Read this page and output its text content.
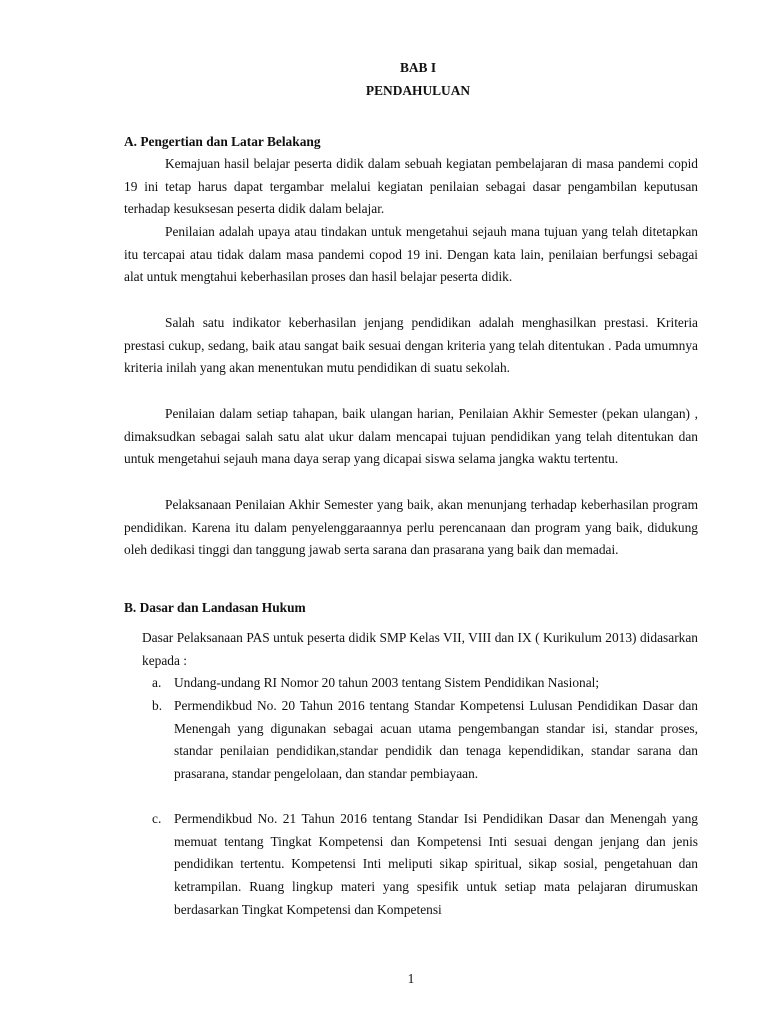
BAB I
PENDAHULUAN
A. Pengertian dan Latar Belakang

Kemajuan hasil belajar peserta didik dalam sebuah kegiatan pembelajaran di masa pandemi copid 19 ini tetap harus dapat tergambar melalui kegiatan penilaian sebagai dasar pengambilan keputusan terhadap kesuksesan peserta didik dalam belajar.

Penilaian adalah upaya atau tindakan untuk mengetahui sejauh mana tujuan yang telah ditetapkan itu tercapai atau tidak dalam masa pandemi copod 19 ini. Dengan kata lain, penilaian berfungsi sebagai alat untuk mengtahui keberhasilan proses dan hasil belajar peserta didik.

Salah satu indikator keberhasilan jenjang pendidikan adalah menghasilkan prestasi. Kriteria prestasi cukup, sedang, baik atau sangat baik sesuai dengan kriteria yang telah ditentukan . Pada umumnya kriteria inilah yang akan menentukan mutu pendidikan di suatu sekolah.

Penilaian dalam setiap tahapan, baik ulangan harian, Penilaian Akhir Semester (pekan ulangan) , dimaksudkan sebagai salah satu alat ukur dalam mencapai tujuan pendidikan yang telah ditentukan dan untuk mengetahui sejauh mana daya serap yang dicapai siswa selama jangka waktu tertentu.

Pelaksanaan Penilaian Akhir Semester yang baik, akan menunjang terhadap keberhasilan program pendidikan. Karena itu dalam penyelenggaraannya perlu perencanaan dan program yang baik, didukung oleh dedikasi tinggi dan tanggung jawab serta sarana dan prasarana yang baik dan memadai.

B. Dasar dan Landasan Hukum

Dasar Pelaksanaan PAS untuk peserta didik SMP Kelas VII, VIII dan IX ( Kurikulum 2013) didasarkan kepada :

a. Undang-undang RI Nomor 20 tahun 2003 tentang Sistem Pendidikan Nasional;

b. Permendikbud No. 20 Tahun 2016 tentang Standar Kompetensi Lulusan Pendidikan Dasar dan Menengah yang digunakan sebagai acuan utama pengembangan standar isi, standar proses, standar penilaian pendidikan,standar pendidik dan tenaga kependidikan, standar sarana dan prasarana, standar pengelolaan, dan standar pembiayaan.

c. Permendikbud No. 21 Tahun 2016 tentang Standar Isi Pendidikan Dasar dan Menengah yang memuat tentang Tingkat Kompetensi dan Kompetensi Inti sesuai dengan jenjang dan jenis pendidikan tertentu. Kompetensi Inti meliputi sikap spiritual, sikap sosial, pengetahuan dan ketrampilan. Ruang lingkup materi yang spesifik untuk setiap mata pelajaran dirumuskan berdasarkan Tingkat Kompetensi dan Kompetensi

1
